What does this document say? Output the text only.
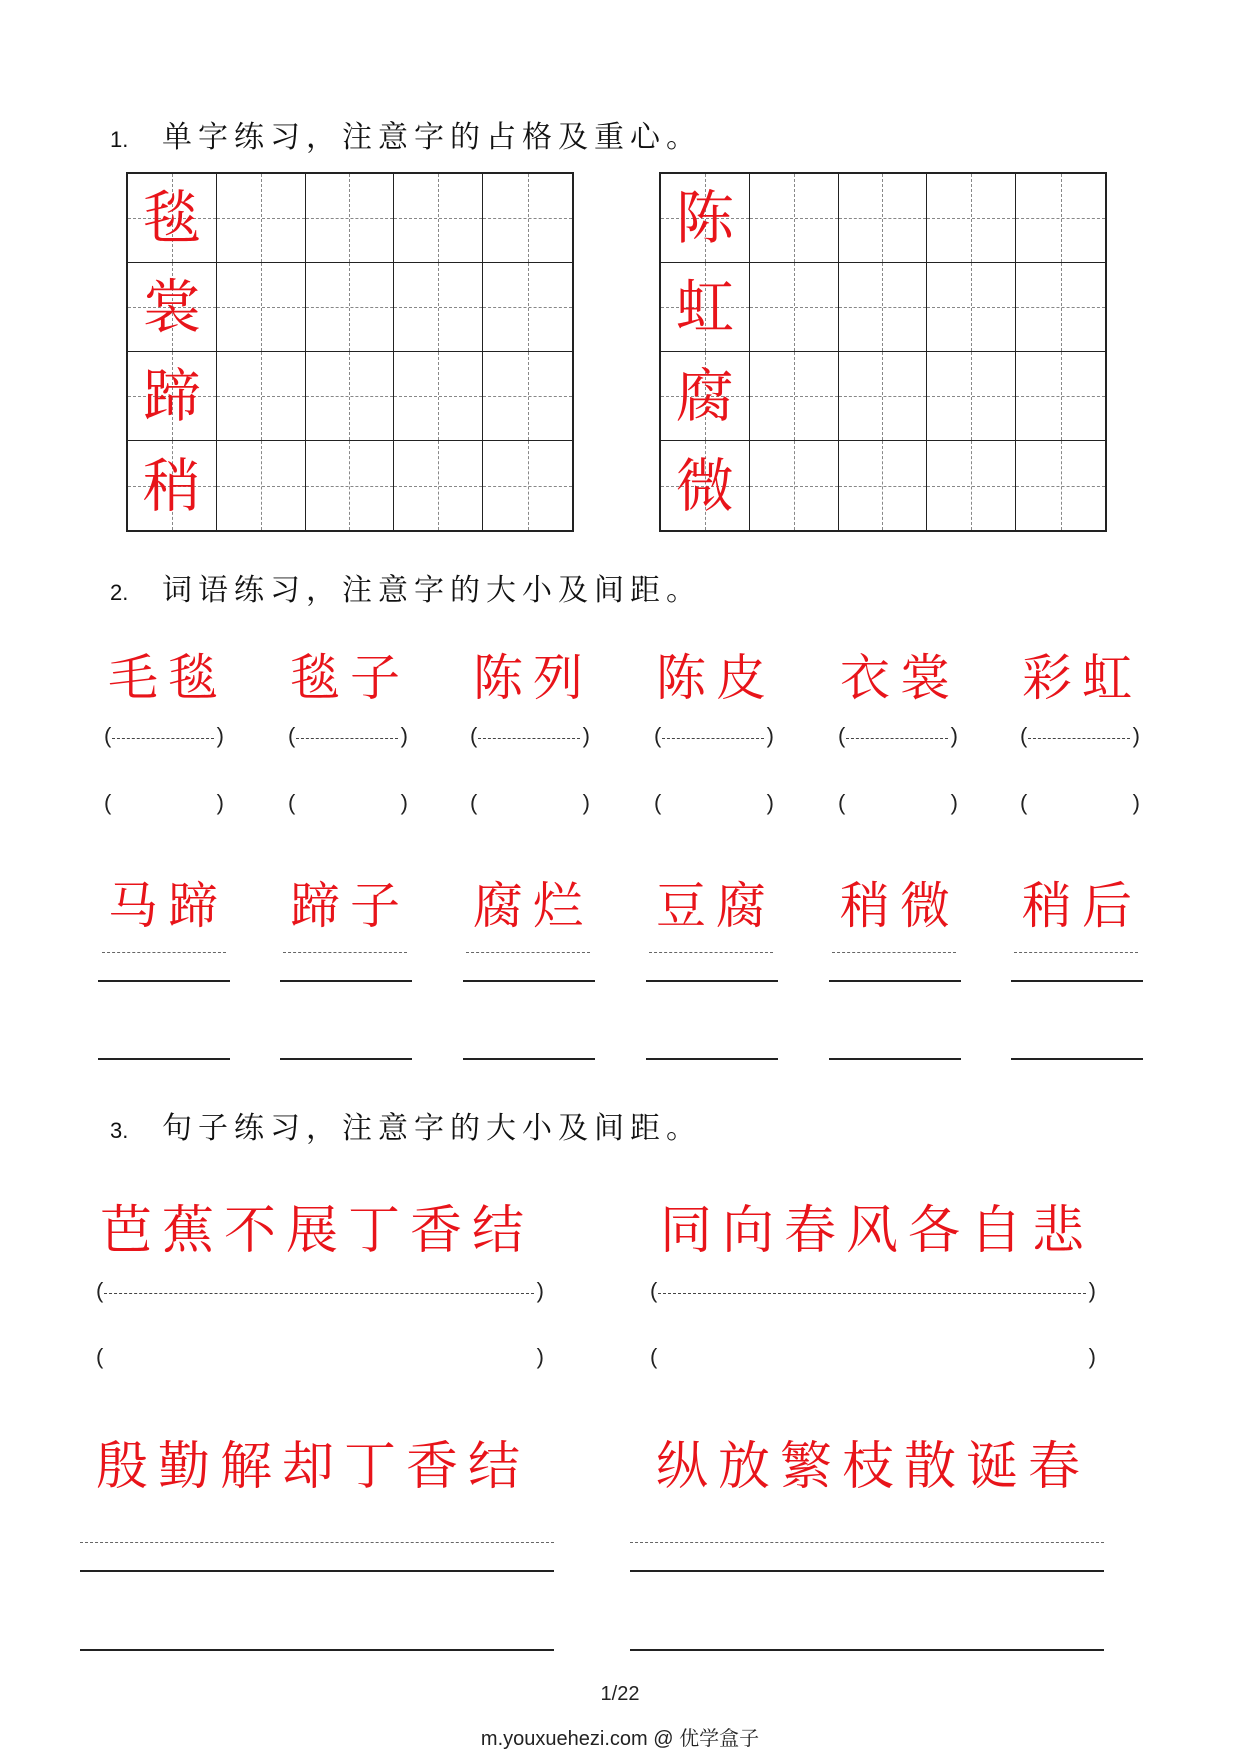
1. 单字练习，注意字的占格及重心。
毯
裳
蹄
稍
陈
虹
腐
微
2. 词语练习，注意字的大小及间距。
毛毯 毯子 陈列 陈皮 衣裳 彩虹
(	)	(	)	(	)	(	)	(	)	(	)
(	)	(	)	(	)	(	)	(	)	(	)
马蹄 蹄子 腐烂 豆腐 稍微 稍后
3. 句子练习，注意字的大小及间距。
芭蕉不展丁香结 同向春风各自悲
(	)	(	)
(	)	(	)
殷勤解却丁香结 纵放繁枝散诞春
1/22
m.youxuehezi.com @ 优学盒子
